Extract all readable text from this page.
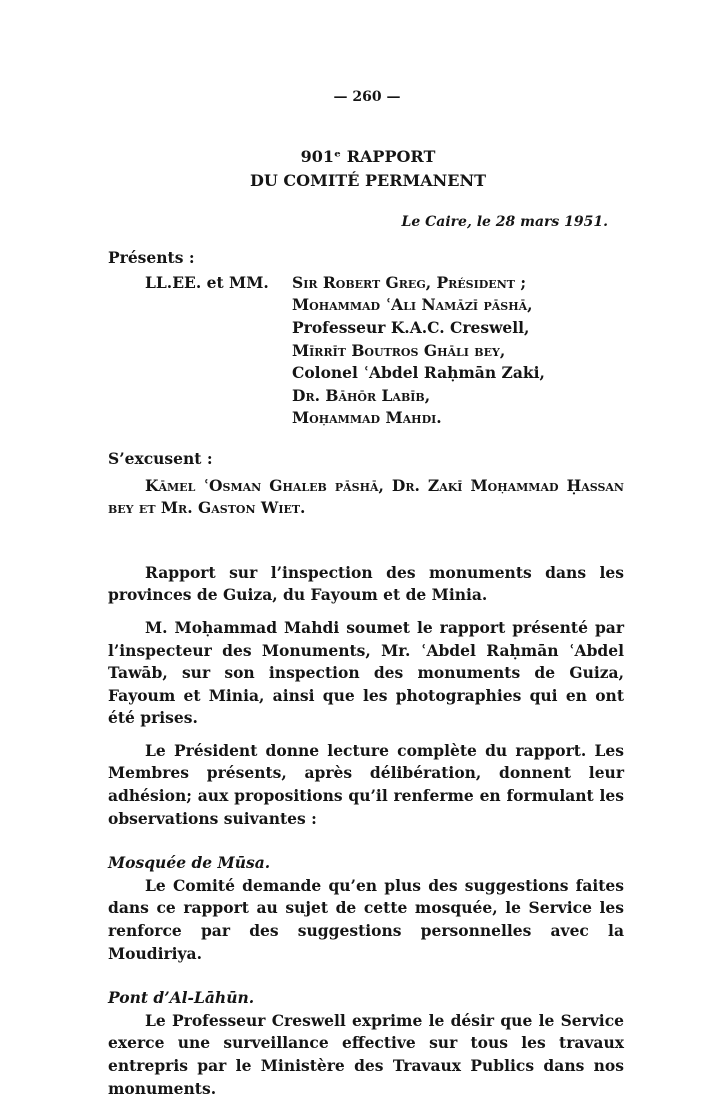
— 260 —
901ᵉ RAPPORT
DU COMITÉ PERMANENT
Le Caire, le 28 mars 1951.
Présents :
LL.EE. et MM.	Sir Robert Greg, Président ;
Mohammad ʿAli Namāzī pāshā,
Professeur K.A.C. Creswell,
Mīrrīt Boutros Ghāli bey,
Colonel ʿAbdel Raḥmān Zaki,
Dr. Bāhōr Labīb,
Moḥammad Mahdi.
S’excusent :
Kāmel ʿOsman Ghaleb pāshā, Dr. Zakī Moḥammad Ḥassan bey et Mr. Gaston Wiet.
Rapport sur l’inspection des monuments dans les provinces de Guiza, du Fayoum et de Minia.
M. Moḥammad Mahdi soumet le rapport présenté par l’inspecteur des Monuments, Mr. ʿAbdel Raḥmān ʿAbdel Tawāb, sur son inspection des monuments de Guiza, Fayoum et Minia, ainsi que les photographies qui en ont été prises.
Le Président donne lecture complète du rapport. Les Membres présents, après délibération, donnent leur adhésion; aux propositions qu’il renferme en formulant les observations suivantes :
Mosquée de Mūsa.
Le Comité demande qu’en plus des suggestions faites dans ce rapport au sujet de cette mosquée, le Service les renforce par des suggestions personnelles avec la Moudiriya.
Pont d’Al-Lāhūn.
Le Professeur Creswell exprime le désir que le Service exerce une surveillance effective sur tous les travaux entrepris par le Ministère des Travaux Publics dans nos monuments.
